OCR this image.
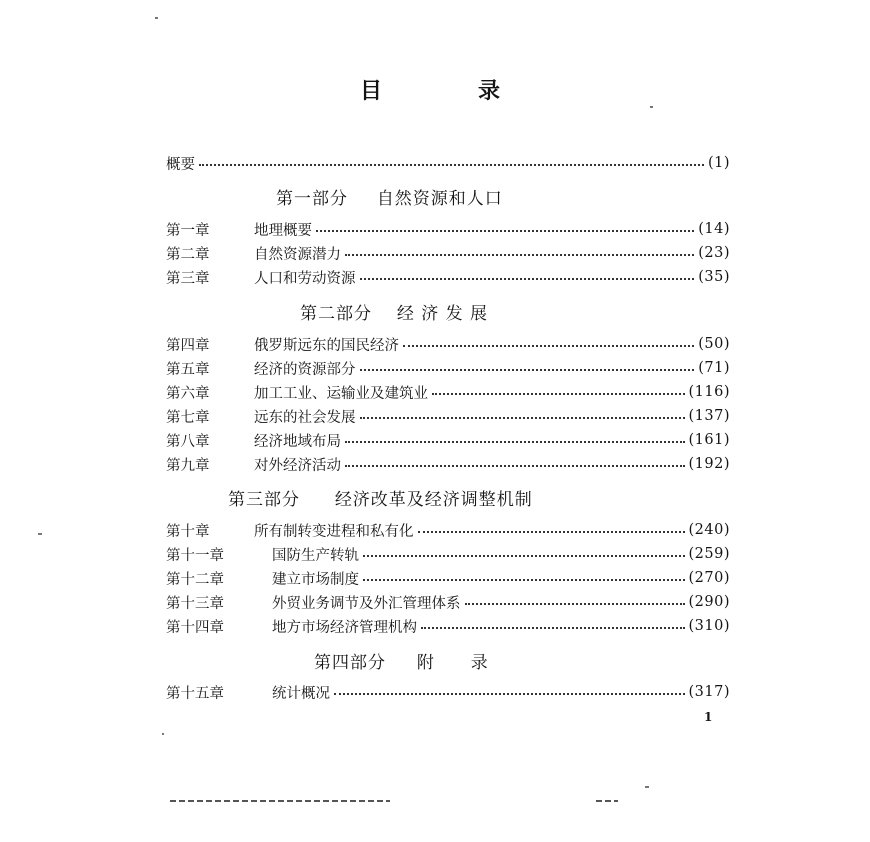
目	录
概要	(1)
第一部分 自然资源和人口
第一章	地理概要	(14)
第二章	自然资源潜力	(23)
第三章	人口和劳动资源	(35)
第二部分 经 济 发 展
第四章	俄罗斯远东的国民经济	(50)
第五章	经济的资源部分	(71)
第六章	加工工业、运输业及建筑业	(116)
第七章	远东的社会发展	(137)
第八章	经济地域布局	(161)
第九章	对外经济活动	(192)
第三部分 经济改革及经济调整机制
第十章	所有制转变进程和私有化	(240)
第十一章	国防生产转轨	(259)
第十二章	建立市场制度	(270)
第十三章	外贸业务调节及外汇管理体系	(290)
第十四章	地方市场经济管理机构	(310)
第四部分 附　　录
第十五章	统计概况	(317)
1
